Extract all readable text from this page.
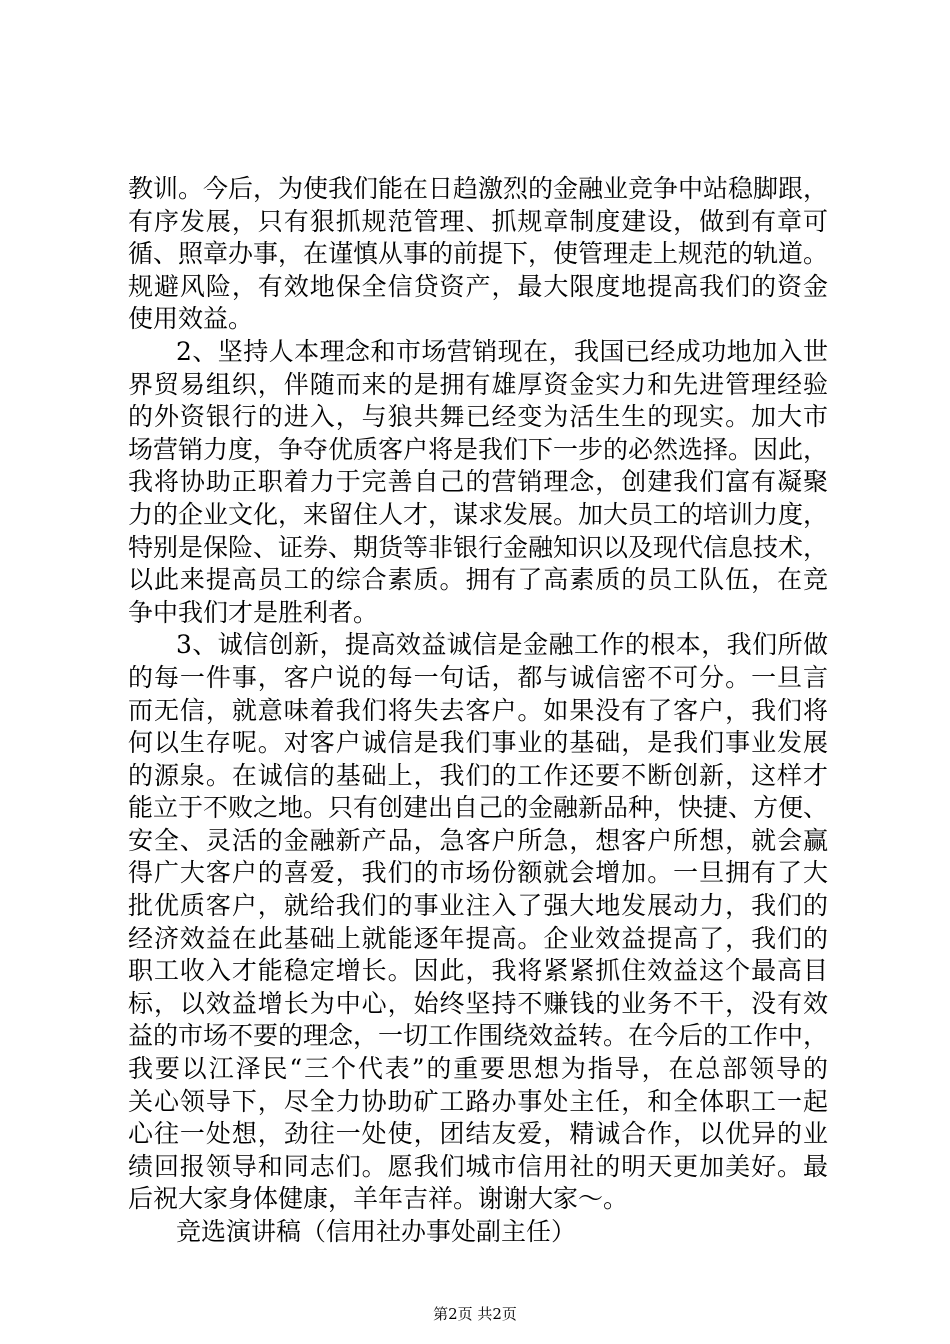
教训。今后，为使我们能在日趋激烈的金融业竞争中站稳脚跟，
有序发展，只有狠抓规范管理、抓规章制度建设，做到有章可
循、照章办事，在谨慎从事的前提下，使管理走上规范的轨道。
规避风险，有效地保全信贷资产，最大限度地提高我们的资金
使用效益。
2、坚持人本理念和市场营销现在，我国已经成功地加入世
界贸易组织，伴随而来的是拥有雄厚资金实力和先进管理经验
的外资银行的进入，与狼共舞已经变为活生生的现实。加大市
场营销力度，争夺优质客户将是我们下一步的必然选择。因此，
我将协助正职着力于完善自己的营销理念，创建我们富有凝聚
力的企业文化，来留住人才，谋求发展。加大员工的培训力度，
特别是保险、证券、期货等非银行金融知识以及现代信息技术，
以此来提高员工的综合素质。拥有了高素质的员工队伍，在竞
争中我们才是胜利者。
3、诚信创新，提高效益诚信是金融工作的根本，我们所做
的每一件事，客户说的每一句话，都与诚信密不可分。一旦言
而无信，就意味着我们将失去客户。如果没有了客户，我们将
何以生存呢。对客户诚信是我们事业的基础，是我们事业发展
的源泉。在诚信的基础上，我们的工作还要不断创新，这样才
能立于不败之地。只有创建出自己的金融新品种，快捷、方便、
安全、灵活的金融新产品，急客户所急，想客户所想，就会赢
得广大客户的喜爱，我们的市场份额就会增加。一旦拥有了大
批优质客户，就给我们的事业注入了强大地发展动力，我们的
经济效益在此基础上就能逐年提高。企业效益提高了，我们的
职工收入才能稳定增长。因此，我将紧紧抓住效益这个最高目
标，以效益增长为中心，始终坚持不赚钱的业务不干，没有效
益的市场不要的理念，一切工作围绕效益转。在今后的工作中，
我要以江泽民“三个代表”的重要思想为指导，在总部领导的
关心领导下，尽全力协助矿工路办事处主任，和全体职工一起
心往一处想，劲往一处使，团结友爱，精诚合作，以优异的业
绩回报领导和同志们。愿我们城市信用社的明天更加美好。最
后祝大家身体健康，羊年吉祥。谢谢大家～。
竞选演讲稿（信用社办事处副主任）
第2页 共2页
